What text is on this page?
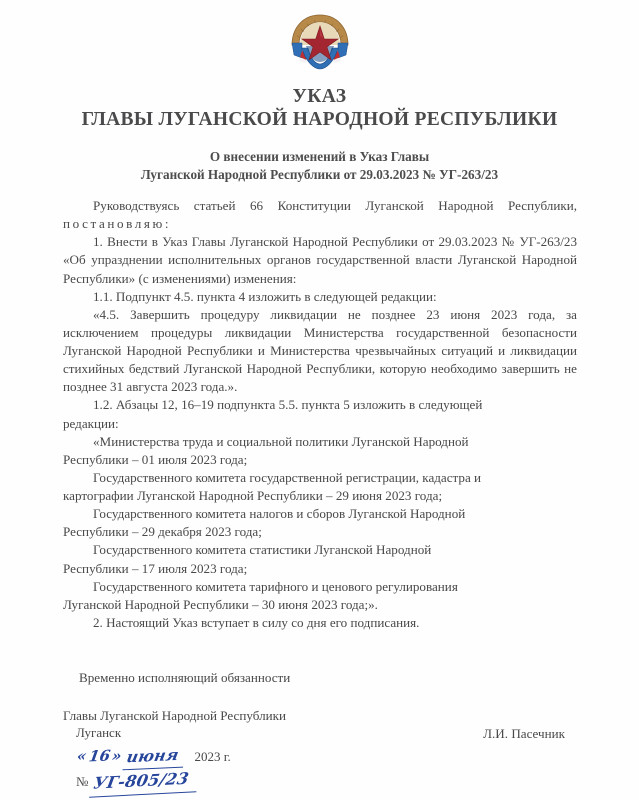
УКАЗ
ГЛАВЫ ЛУГАНСКОЙ НАРОДНОЙ РЕСПУБЛИКИ
О внесении изменений в Указ Главы
Луганской Народной Республики от 29.03.2023 № УГ-263/23

Руководствуясь статьей 66 Конституции Луганской Народной Республики, постановляю:

1. Внести в Указ Главы Луганской Народной Республики от 29.03.2023 № УГ-263/23 «Об упразднении исполнительных органов государственной власти Луганской Народной Республики» (с изменениями) изменения:

1.1. Подпункт 4.5. пункта 4 изложить в следующей редакции:

«4.5. Завершить процедуру ликвидации не позднее 23 июня 2023 года, за исключением процедуры ликвидации Министерства государственной безопасности Луганской Народной Республики и Министерства чрезвычайных ситуаций и ликвидации стихийных бедствий Луганской Народной Республики, которую необходимо завершить не позднее 31 августа 2023 года.».

1.2. Абзацы 12, 16–19 подпункта 5.5. пункта 5 изложить в следующей

редакции:

«Министерства труда и социальной политики Луганской Народной

Республики – 01 июля 2023 года;

Государственного комитета государственной регистрации, кадастра и

картографии Луганской Народной Республики – 29 июня 2023 года;

Государственного комитета налогов и сборов Луганской Народной

Республики – 29 декабря 2023 года;

Государственного комитета статистики Луганской Народной

Республики – 17 июля 2023 года;

Государственного комитета тарифного и ценового регулирования

Луганской Народной Республики – 30 июня 2023 года;».

2. Настоящий Указ вступает в силу со дня его подписания.

Временно исполняющий обязанности

Главы Луганской Народной Республики

Л.И. Пасечник
Луганск
« 16 » июня	2023 г.
№ УГ-805/23
